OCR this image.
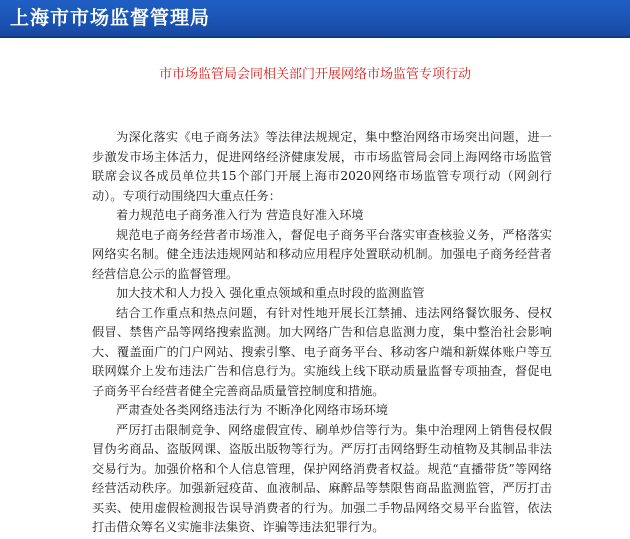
上海市市场监督管理局
市市场监管局会同相关部门开展网络市场监管专项行动

为深化落实《电子商务法》等法律法规规定，集中整治网络市场突出问题，进一步激发市场主体活力，促进网络经济健康发展，市市场监管局会同上海网络市场监管联席会议各成员单位共15个部门开展上海市2020网络市场监管专项行动（网剑行动）。专项行动围绕四大重点任务：

着力规范电子商务准入行为 营造良好准入环境

规范电子商务经营者市场准入，督促电子商务平台落实审查核验义务，严格落实网络实名制。健全违法违规网站和移动应用程序处置联动机制。加强电子商务经营者经营信息公示的监督管理。

加大技术和人力投入 强化重点领域和重点时段的监测监管

结合工作重点和热点问题，有针对性地开展长江禁捕、违法网络餐饮服务、侵权假冒、禁售产品等网络搜索监测。加大网络广告和信息监测力度，集中整治社会影响大、覆盖面广的门户网站、搜索引擎、电子商务平台、移动客户端和新媒体账户等互联网媒介上发布违法广告和信息行为。实施线上线下联动质量监督专项抽查，督促电子商务平台经营者健全完善商品质量管控制度和措施。

严肃查处各类网络违法行为 不断净化网络市场环境

严厉打击限制竞争、网络虚假宣传、刷单炒信等行为。集中治理网上销售侵权假冒伪劣商品、盗版网课、盗版出版物等行为。严厉打击网络野生动植物及其制品非法交易行为。加强价格和个人信息管理，保护网络消费者权益。规范“直播带货”等网络经营活动秩序。加强新冠疫苗、血液制品、麻醉品等禁限售商品监测监管，严厉打击买卖、使用虚假检测报告误导消费者的行为。加强二手物品网络交易平台监管，依法打击借众筹名义实施非法集资、诈骗等违法犯罪行为。
